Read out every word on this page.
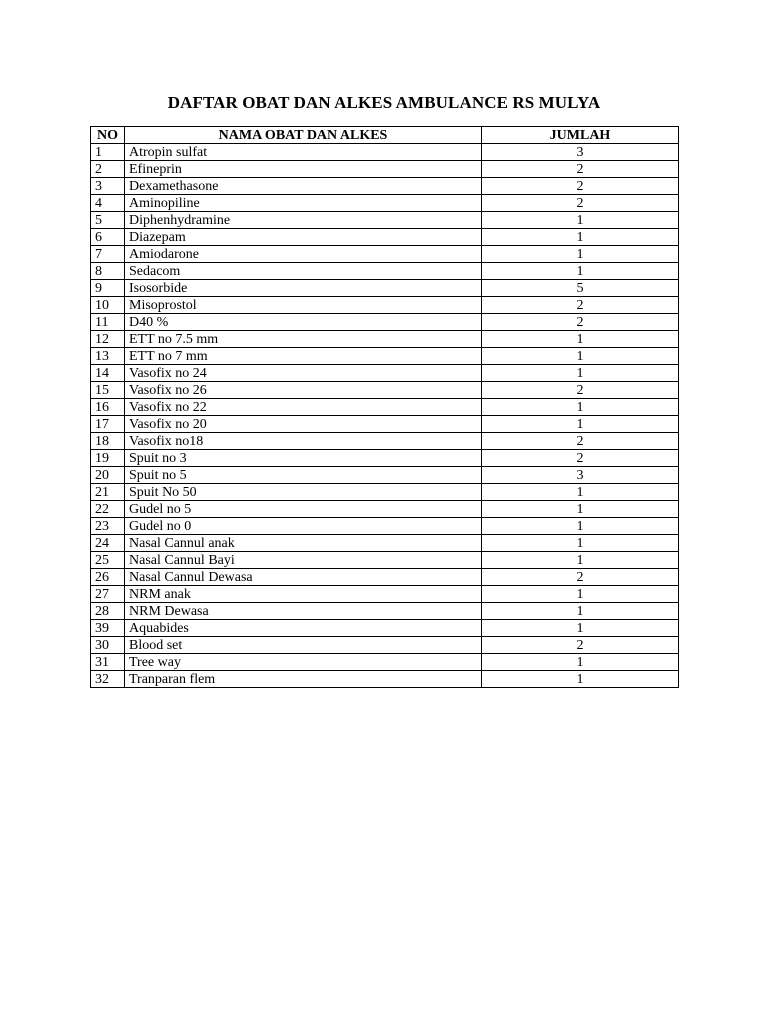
DAFTAR OBAT DAN ALKES AMBULANCE RS MULYA
NO	NAMA OBAT DAN ALKES	JUMLAH
1	Atropin sulfat	3
2	Efineprin	2
3	Dexamethasone	2
4	Aminopiline	2
5	Diphenhydramine	1
6	Diazepam	1
7	Amiodarone	1
8	Sedacom	1
9	Isosorbide	5
10	Misoprostol	2
11	D40 %	2
12	ETT no 7.5 mm	1
13	ETT no 7 mm	1
14	Vasofix no 24	1
15	Vasofix no 26	2
16	Vasofix no 22	1
17	Vasofix no 20	1
18	Vasofix no18	2
19	Spuit no 3	2
20	Spuit no 5	3
21	Spuit No 50	1
22	Gudel no 5	1
23	Gudel no 0	1
24	Nasal Cannul anak	1
25	Nasal Cannul Bayi	1
26	Nasal Cannul Dewasa	2
27	NRM anak	1
28	NRM Dewasa	1
39	Aquabides	1
30	Blood set	2
31	Tree way	1
32	Tranparan flem	1
